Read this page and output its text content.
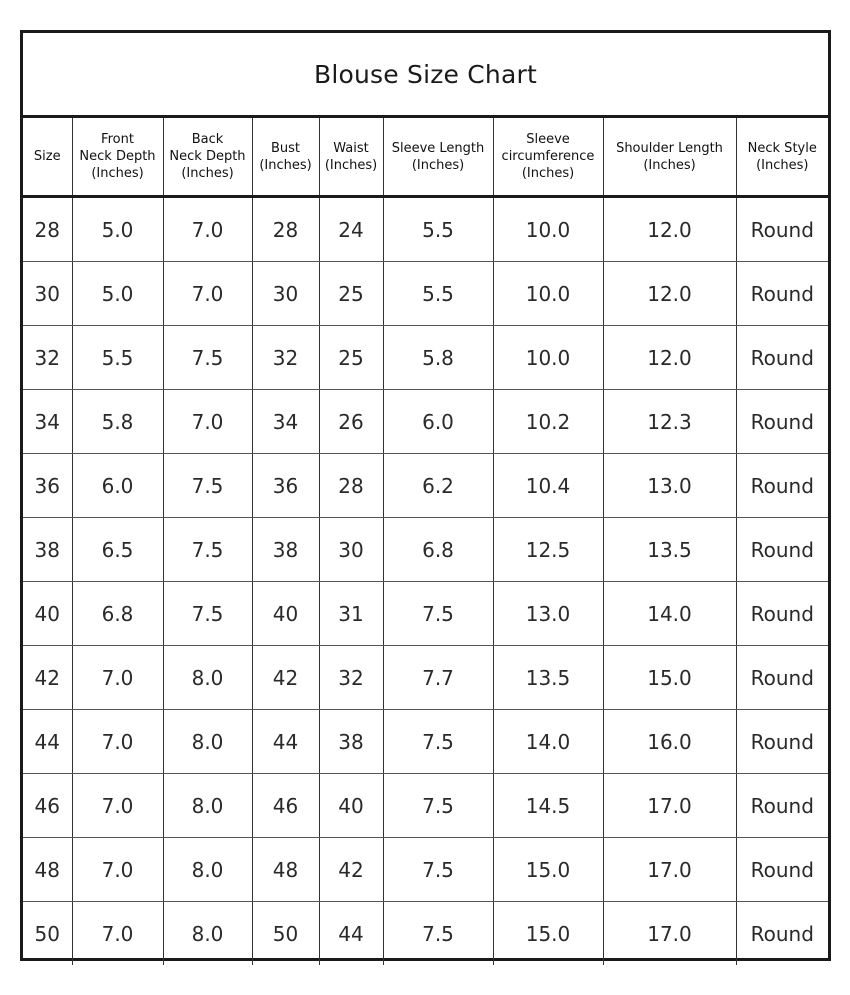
Blouse Size Chart
Size	Front
Neck Depth
(Inches)	Back
Neck Depth
(Inches)	Bust
(Inches)	Waist
(Inches)	Sleeve Length
(Inches)	Sleeve
circumference
(Inches)	Shoulder Length
(Inches)	Neck Style
(Inches)
28	5.0	7.0	28	24	5.5	10.0	12.0	Round
30	5.0	7.0	30	25	5.5	10.0	12.0	Round
32	5.5	7.5	32	25	5.8	10.0	12.0	Round
34	5.8	7.0	34	26	6.0	10.2	12.3	Round
36	6.0	7.5	36	28	6.2	10.4	13.0	Round
38	6.5	7.5	38	30	6.8	12.5	13.5	Round
40	6.8	7.5	40	31	7.5	13.0	14.0	Round
42	7.0	8.0	42	32	7.7	13.5	15.0	Round
44	7.0	8.0	44	38	7.5	14.0	16.0	Round
46	7.0	8.0	46	40	7.5	14.5	17.0	Round
48	7.0	8.0	48	42	7.5	15.0	17.0	Round
50	7.0	8.0	50	44	7.5	15.0	17.0	Round
